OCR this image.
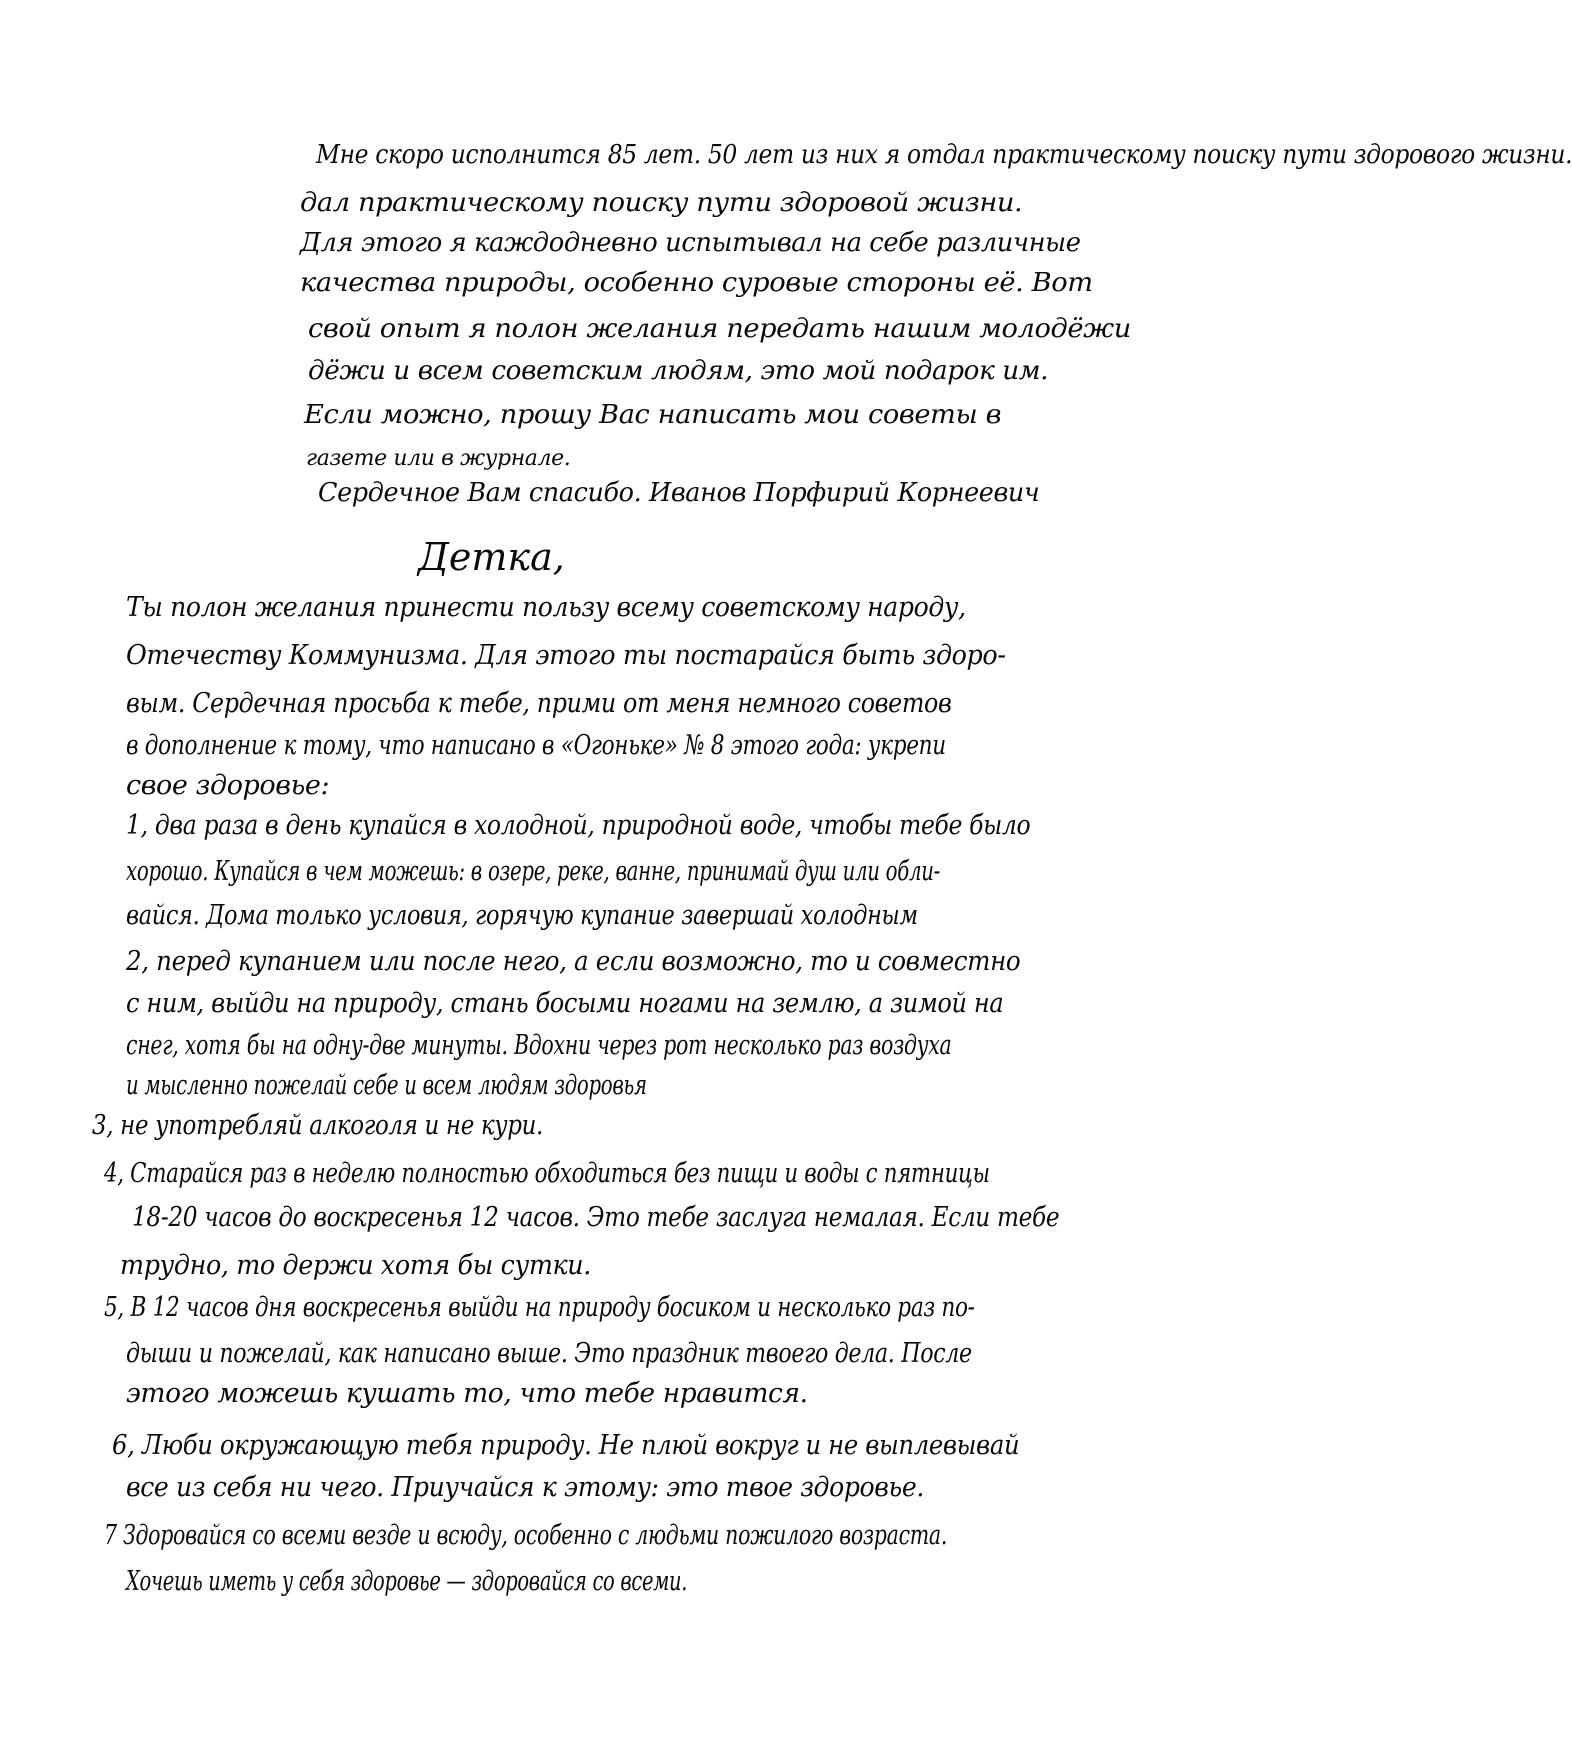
Мне скоро исполнится 85 лет. 50 лет из них я отдал практическому поиску пути здорового жизни.
дал практическому поиску пути здоровой жизни.
Для этого я каждодневно испытывал на себе различные
качества природы, особенно суровые стороны её. Вот
свой опыт я полон желания передать нашим молодёжи
дёжи и всем советским людям, это мой подарок им.
Если можно, прошу Вас написать мои советы в
газете или в журнале.
Сердечное Вам спасибо. Иванов Порфирий Корнеевич
Детка,
Ты полон желания принести пользу всему советскому народу,
Отечеству Коммунизма. Для этого ты постарайся быть здоро-
вым. Сердечная просьба к тебе, прими от меня немного советов
в дополнение к тому, что написано в «Огоньке» № 8 этого года: укрепи
свое здоровье:
1, два раза в день купайся в холодной, природной воде, чтобы тебе было
хорошо. Купайся в чем можешь: в озере, реке, ванне, принимай душ или обли-
вайся. Дома только условия, горячую купание завершай холодным
2, перед купанием или после него, а если возможно, то и совместно
с ним, выйди на природу, стань босыми ногами на землю, а зимой на
снег, хотя бы на одну-две минуты. Вдохни через рот несколько раз воздуха
и мысленно пожелай себе и всем людям здоровья
3, не употребляй алкоголя и не кури.
4, Старайся раз в неделю полностью обходиться без пищи и воды с пятницы
18-20 часов до воскресенья 12 часов. Это тебе заслуга немалая. Если тебе
трудно, то держи хотя бы сутки.
5, В 12 часов дня воскресенья выйди на природу босиком и несколько раз по-
дыши и пожелай, как написано выше. Это праздник твоего дела. После
этого можешь кушать то, что тебе нравится.
6, Люби окружающую тебя природу. Не плюй вокруг и не выплевывай
все из себя ни чего. Приучайся к этому: это твое здоровье.
7 Здоровайся со всеми везде и всюду, особенно с людьми пожилого возраста.
Хочешь иметь у себя здоровье — здоровайся со всеми.
